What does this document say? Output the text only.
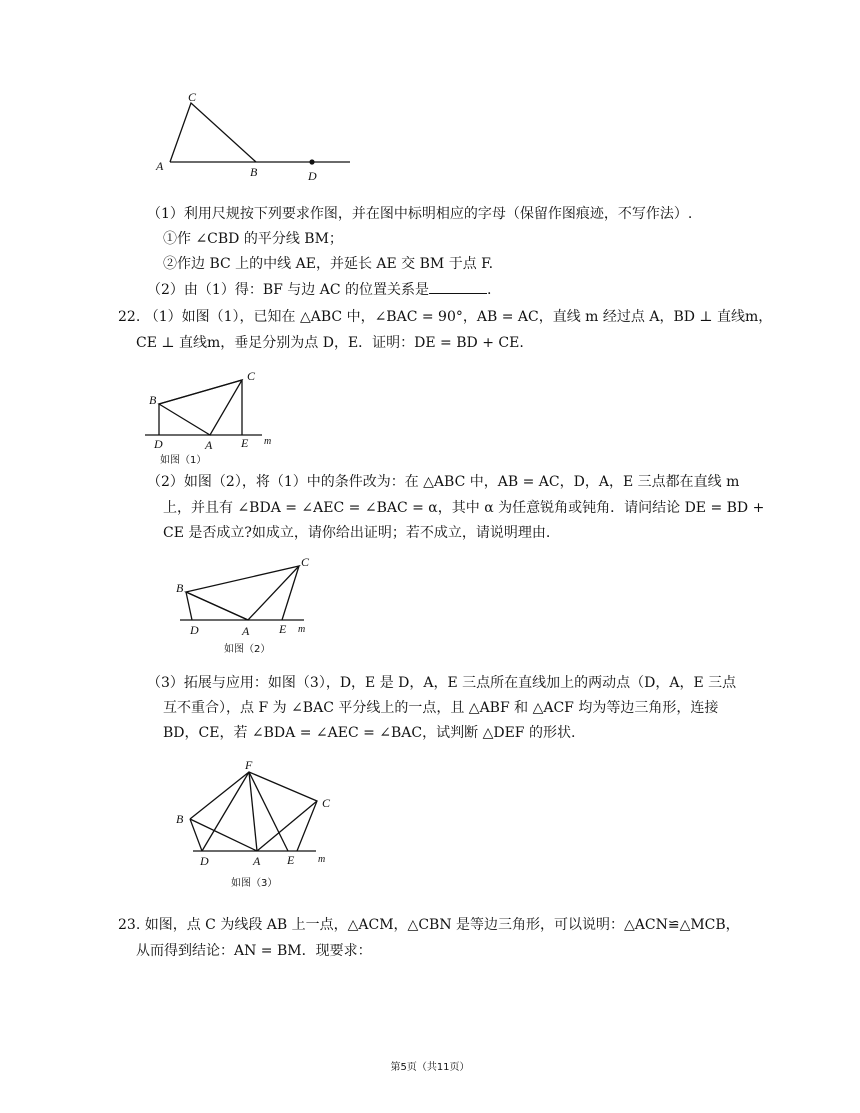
C
A	B	D
（1）利用尺规按下列要求作图，并在图中标明相应的字母（保留作图痕迹，不写作法）.
①作 ∠CBD 的平分线 BM；
②作边 BC 上的中线 AE，并延长 AE 交 BM 于点 F.
（2）由（1）得：BF 与边 AC 的位置关系是	.
22. （1）如图（1），已知在 △ABC 中，∠BAC = 90°，AB = AC，直线 m 经过点 A，BD ⊥ 直线m，
CE ⊥ 直线m，垂足分别为点 D，E．证明：DE = BD + CE.
B
C
D	A E m
如图（1）
（2）如图（2），将（1）中的条件改为：在 △ABC 中，AB = AC，D，A，E 三点都在直线 m
上，并且有 ∠BDA = ∠AEC = ∠BAC = α，其中 α 为任意锐角或钝角．请问结论 DE = BD +
CE 是否成立?如成立，请你给出证明；若不成立，请说明理由.
B
C
D	A E m
如图（2）
（3）拓展与应用：如图（3），D，E 是 D，A，E 三点所在直线加上的两动点（D，A，E 三点
互不重合），点 F 为 ∠BAC 平分线上的一点，且 △ABF 和 △ACF 均为等边三角形，连接
BD，CE，若 ∠BDA = ∠AEC = ∠BAC，试判断 △DEF 的形状.
F
B
C
D	A E m
如图（3）
23. 如图，点 C 为线段 AB 上一点，△ACM，△CBN 是等边三角形，可以说明：△ACN≌△MCB，
从而得到结论：AN = BM．现要求：
第5页（共11页）
